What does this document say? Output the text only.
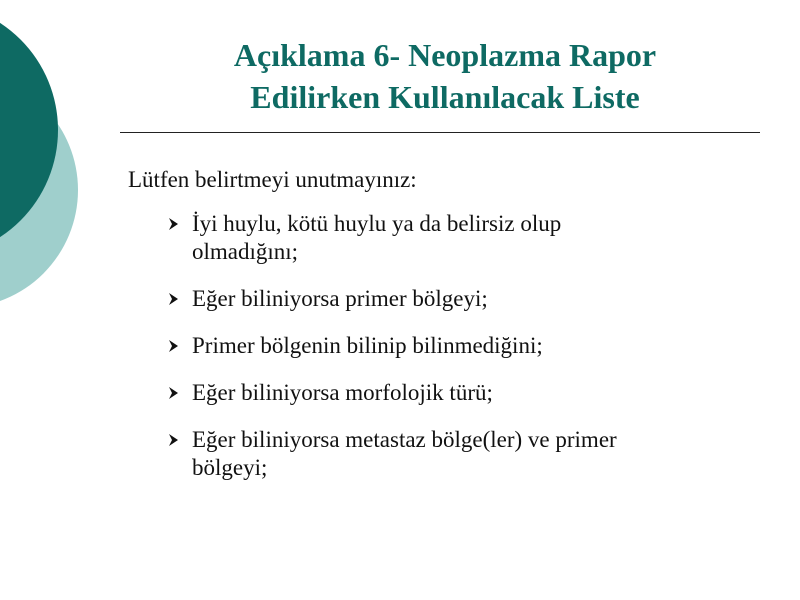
Açıklama 6- Neoplazma Rapor
Edilirken Kullanılacak Liste
Lütfen belirtmeyi unutmayınız:
İyi huylu, kötü huylu ya da belirsiz olup
olmadığını;
Eğer biliniyorsa primer bölgeyi;
Primer bölgenin bilinip bilinmediğini;
Eğer biliniyorsa morfolojik türü;
Eğer biliniyorsa metastaz bölge(ler) ve primer
bölgeyi;
